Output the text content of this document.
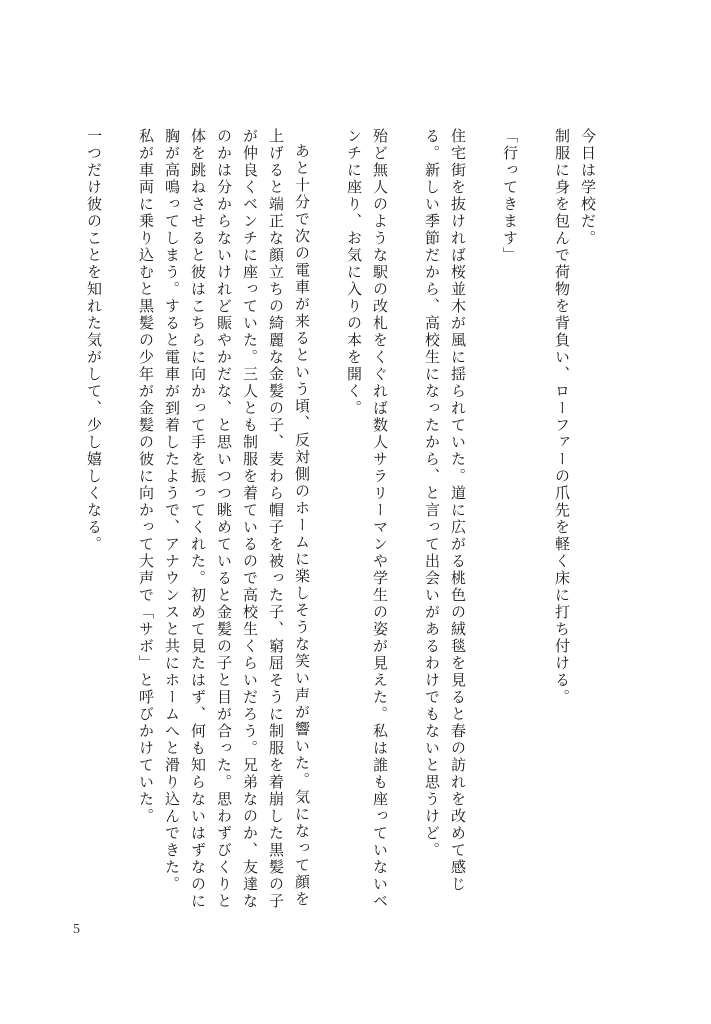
今日は学校だ。

制服に身を包んで荷物を背負い、ローファーの爪先を軽く床に打ち付ける。

「行ってきます」

住宅街を抜ければ桜並木が風に揺られていた。道に広がる桃色の絨毯を見ると春の訪れを改めて感じる。新しい季節だから、高校生になったから、と言って出会いがあるわけでもないと思うけど。

殆ど無人のような駅の改札をくぐれば数人サラリーマンや学生の姿が見えた。私は誰も座っていないベンチに座り、お気に入りの本を開く。

あと十分で次の電車が来るという頃、反対側のホームに楽しそうな笑い声が響いた。気になって顔を上げると端正な顔立ちの綺麗な金髪の子、麦わら帽子を被った子、窮屈そうに制服を着崩した黒髪の子が仲良くベンチに座っていた。三人とも制服を着ているので高校生くらいだろう。兄弟なのか、友達なのかは分からないけれど賑やかだな、と思いつつ眺めていると金髪の子と目が合った。思わずびくりと体を跳ねさせると彼はこちらに向かって手を振ってくれた。初めて見たはず、何も知らないはずなのに胸が高鳴ってしまう。すると電車が到着したようで、アナウンスと共にホームへと滑り込んできた。

私が車両に乗り込むと黒髪の少年が金髪の彼に向かって大声で「サボ」と呼びかけていた。

一つだけ彼のことを知れた気がして、少し嬉しくなる。

5
